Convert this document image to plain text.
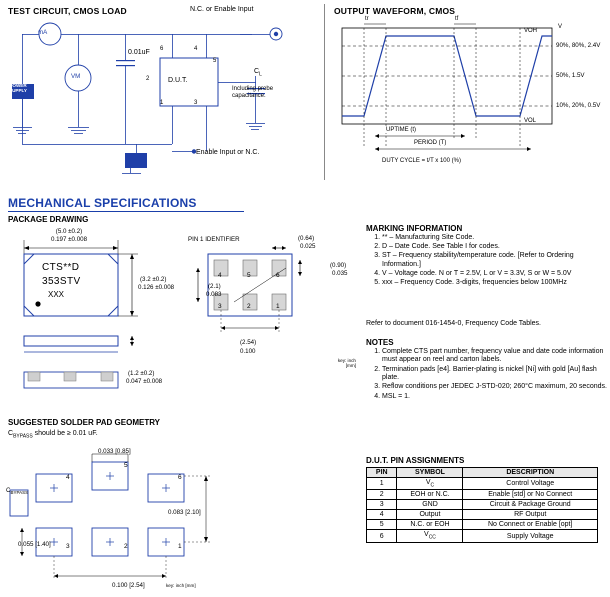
TEST CIRCUIT, CMOS LOAD
mA
POWER SUPPLY
VM
0.01uF
D.U.T.
$C_L$
N.C. or Enable Input
Enable Input or N.C.
Including probe capacitance.
6	4
1	3
2
5
OUTPUT WAVEFORM, CMOS
V
90%, 80%, 2.4V
50%, 1.5V
10%, 20%, 0.5V
VOH
VOL
tr	tf
UPTIME (t)
PERIOD (T)
DUTY CYCLE = t/T x 100 (%)
MECHANICAL SPECIFICATIONS
PACKAGE DRAWING
(5.0 ±0.2)
0.197 ±0.008
(3.2 ±0.2)
0.126 ±0.008
CTS**D
353STV
XXX
(1.2 ±0.2)
0.047 ±0.008
PIN 1 IDENTIFIER	(0.64)
0.025
(0.90)
0.035
(2.1)
0.083
(2.54)
0.100
3	2	1
4	5	6
key: inch [mm]
SUGGESTED SOLDER PAD GEOMETRY
$C_{BYPASS}$ should be ≥ 0.01 uF.
$C_{BYPASS}$
0.033 [0.85]
0.083 [2.10]
0.055 [1.40]
0.100 [2.54]	key: inch [mm]
4
5
6
3	2	1
MARKING INFORMATION
1. ** – Manufacturing Site Code.
2. D – Date Code. See Table I for codes.
3. ST – Frequency stability/temperature code. [Refer to Ordering Information.]
4. V – Voltage code. N or T = 2.5V, L or V = 3.3V, S or W = 5.0V
5. xxx – Frequency Code. 3-digits, frequencies below 100MHz
Refer to document 016-1454-0, Frequency Code Tables.
NOTES
1. Complete CTS part number, frequency value and date code information must appear on reel and carton labels.
2. Termination pads [e4]. Barrier-plating is nickel [Ni] with gold [Au] flash plate.
3. Reflow conditions per JEDEC J-STD-020; 260°C maximum, 20 seconds.
4. MSL = 1.
D.U.T. PIN ASSIGNMENTS
PIN	SYMBOL	DESCRIPTION
1	$V_C$	Control Voltage
2	EOH or N.C.	Enable [std] or No Connect
3	GND	Circuit & Package Ground
4	Output	RF Output
5	N.C. or EOH	No Connect or Enable [opt]
6	$V_{CC}$	Supply Voltage
